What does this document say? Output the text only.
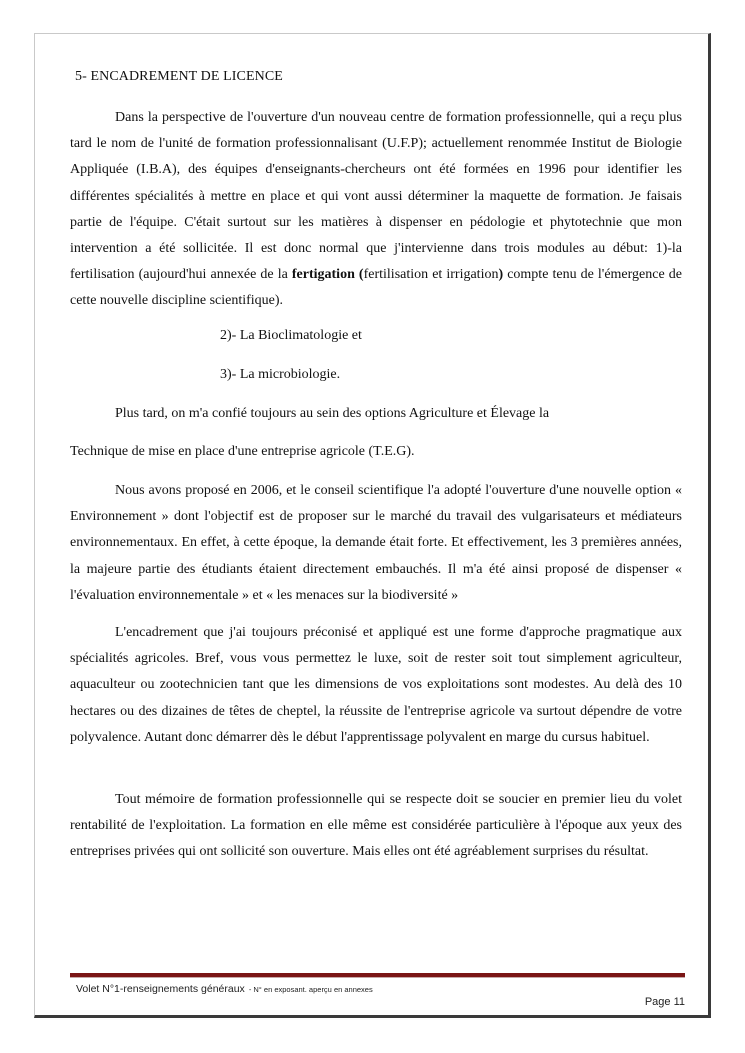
5- ENCADREMENT DE LICENCE

Dans la perspective de l'ouverture d'un nouveau centre de formation professionnelle, qui a reçu plus tard le nom de l'unité de formation professionnalisant (U.F.P); actuellement renommée Institut de Biologie Appliquée (I.B.A), des équipes d'enseignants-chercheurs ont été formées en 1996 pour identifier les différentes spécialités à mettre en place et qui vont aussi déterminer la maquette de formation. Je faisais partie de l'équipe. C'était surtout sur les matières à dispenser en pédologie et phytotechnie que mon intervention a été sollicitée. Il est donc normal que j'intervienne dans trois modules au début: 1)-la fertilisation (aujourd'hui annexée de la fertigation (fertilisation et irrigation) compte tenu de l'émergence de cette nouvelle discipline scientifique).

2)- La Bioclimatologie et
3)- La microbiologie.

Plus tard, on m'a confié toujours au sein des options Agriculture et Élevage la

Technique de mise en place d'une entreprise agricole (T.E.G).

Nous avons proposé en 2006, et le conseil scientifique l'a adopté l'ouverture d'une nouvelle option « Environnement » dont l'objectif est de proposer sur le marché du travail des vulgarisateurs et médiateurs environnementaux. En effet, à cette époque, la demande était forte. Et effectivement, les 3 premières années, la majeure partie des étudiants étaient directement embauchés. Il m'a été ainsi proposé de dispenser « l'évaluation environnementale » et « les menaces sur la biodiversité »

L'encadrement que j'ai toujours préconisé et appliqué est une forme d'approche pragmatique aux spécialités agricoles. Bref, vous vous permettez le luxe, soit de rester soit tout simplement agriculteur, aquaculteur ou zootechnicien tant que les dimensions de vos exploitations sont modestes. Au delà des 10 hectares ou des dizaines de têtes de cheptel, la réussite de l'entreprise agricole va surtout dépendre de votre polyvalence. Autant donc démarrer dès le début l'apprentissage polyvalent en marge du cursus habituel.

Tout mémoire de formation professionnelle qui se respecte doit se soucier en premier lieu du volet rentabilité de l'exploitation. La formation en elle même est considérée particulière à l'époque aux yeux des entreprises privées qui ont sollicité son ouverture. Mais elles ont été agréablement surprises du résultat.

Volet N°1-renseignements généraux - N° en exposant. aperçu en annexes
Page 11
